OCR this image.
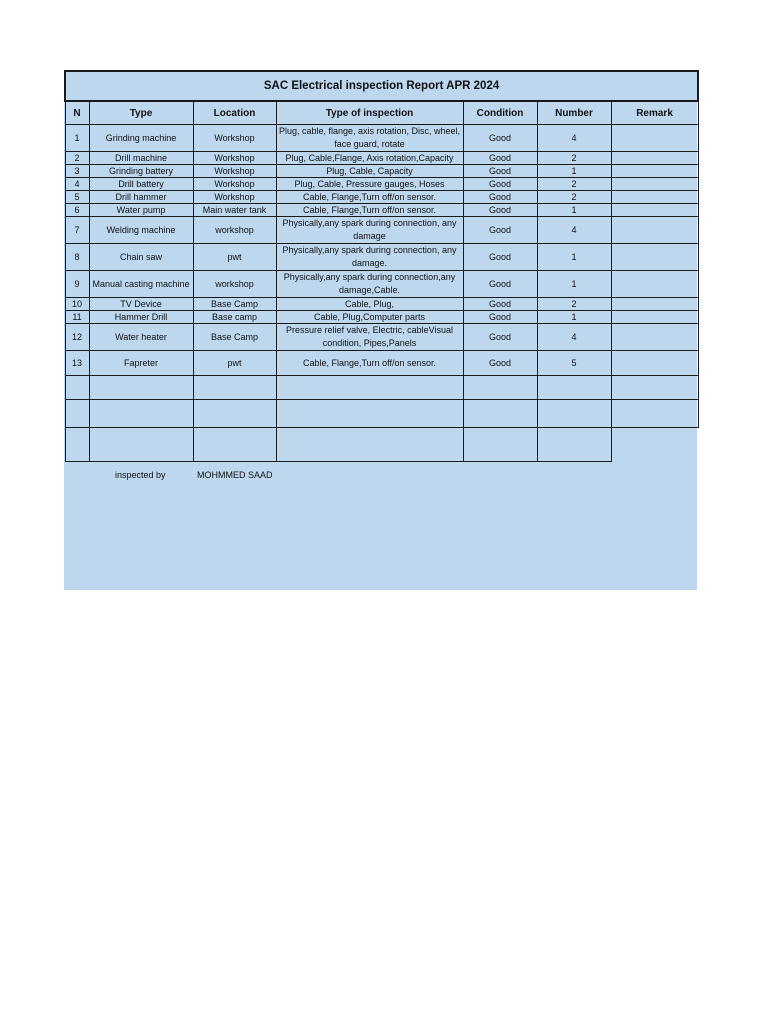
SAC Electrical inspection Report APR 2024						
N	Type	Location	Type of inspection	Condition	Number	Remark
1	Grinding machine	Workshop	Plug, cable, flange, axis rotation, Disc, wheel, face guard, rotate	Good	4	
2	Drill machine	Workshop	Plug, Cable,Flange, Axis rotation,Capacity	Good	2	
3	Grinding battery	Workshop	Plug, Cable, Capacity	Good	1	
4	Drill battery	Workshop	Plug, Cable, Pressure gauges, Hoses	Good	2	
5	Drill hammer	Workshop	Cable, Flange,Turn off/on sensor.	Good	2	
6	Water pump	Main water tank	Cable, Flange,Turn off/on sensor.	Good	1	
7	Welding machine	workshop	Physically,any spark during connection, any damage	Good	4	
8	Chain saw	pwt	Physically,any spark during connection, any damage.	Good	1	
9	Manual casting machine	workshop	Physically,any spark during connection,any damage,Cable.	Good	1	
10	TV Device	Base Camp	Cable, Plug,	Good	2	
11	Hammer Drill	Base camp	Cable, Plug,Computer parts	Good	1	
12	Water heater	Base Camp	Pressure relief valve, Electric, cableVisual condition, Pipes,Panels	Good	4	
13	Fapreter	pwt	Cable, Flange,Turn off/on sensor.	Good	5	

inspected by	MOHMMED SAAD
